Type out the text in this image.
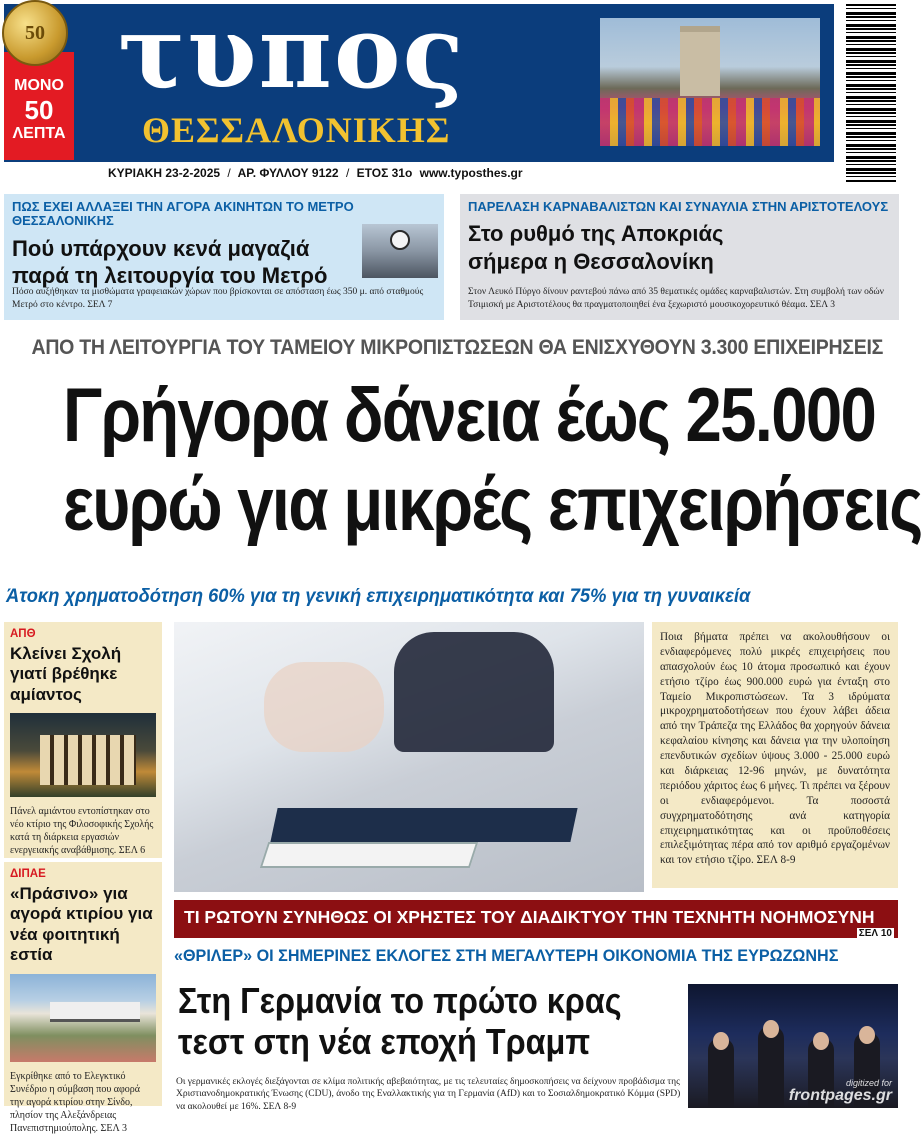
50
ΜΟΝΟ
50
ΛΕΠΤΑ
τυπος
ΘΕΣΣΑΛΟΝΙΚΗΣ
ΚΥΡΙΑΚΗ 23-2-2025 / ΑΡ. ΦΥΛΛΟΥ 9122 / ΕΤΟΣ 31ο www.typosthes.gr
ΠΩΣ ΕΧΕΙ ΑΛΛΑΞΕΙ ΤΗΝ ΑΓΟΡΑ ΑΚΙΝΗΤΩΝ ΤΟ ΜΕΤΡΟ ΘΕΣΣΑΛΟΝΙΚΗΣ
Πού υπάρχουν κενά μαγαζιά
παρά τη λειτουργία του Μετρό
Πόσο αυξήθηκαν τα μισθώματα γραφειακών χώρων που βρίσκονται σε απόσταση έως 350 μ. από σταθμούς Μετρό στο κέντρο. ΣΕΛ 7
ΠΑΡΕΛΑΣΗ ΚΑΡΝΑΒΑΛΙΣΤΩΝ ΚΑΙ ΣΥΝΑΥΛΙΑ ΣΤΗΝ ΑΡΙΣΤΟΤΕΛΟΥΣ
Στο ρυθμό της Αποκριάς
σήμερα η Θεσσαλονίκη
Στον Λευκό Πύργο δίνουν ραντεβού πάνω από 35 θεματικές ομάδες καρναβαλιστών. Στη συμβολή των οδών Τσιμισκή με Αριστοτέλους θα πραγματοποιηθεί ένα ξεχωριστό μουσικοχορευτικό θέαμα. ΣΕΛ 3
ΑΠΟ ΤΗ ΛΕΙΤΟΥΡΓΙΑ ΤΟΥ ΤΑΜΕΙΟΥ ΜΙΚΡΟΠΙΣΤΩΣΕΩΝ ΘΑ ΕΝΙΣΧΥΘΟΥΝ 3.300 ΕΠΙΧΕΙΡΗΣΕΙΣ
Γρήγορα δάνεια έως 25.000
ευρώ για μικρές επιχειρήσεις
Άτοκη χρηματοδότηση 60% για τη γενική επιχειρηματικότητα και 75% για τη γυναικεία
ΑΠΘ
Κλείνει Σχολή γιατί βρέθηκε αμίαντος
Πάνελ αμιάντου εντοπίστηκαν στο νέο κτίριο της Φιλοσοφικής Σχολής κατά τη διάρκεια εργασιών ενεργειακής αναβάθμισης. ΣΕΛ 6
ΔΙΠΑΕ
«Πράσινο» για αγορά κτιρίου για νέα φοιτητική εστία
Εγκρίθηκε από το Ελεγκτικό Συνέδριο η σύμβαση που αφορά την αγορά κτιρίου στην Σίνδο, πλησίον της Αλεξάνδρειας Πανεπιστημιούπολης. ΣΕΛ 3
Ποια βήματα πρέπει να ακολουθήσουν οι ενδιαφερόμενες πολύ μικρές επιχειρήσεις που απασχολούν έως 10 άτομα προσωπικό και έχουν ετήσιο τζίρο έως 900.000 ευρώ για ένταξη στο Ταμείο Μικροπιστώσεων. Τα 3 ιδρύματα μικροχρηματοδοτήσεων που έχουν λάβει άδεια από την Τράπεζα της Ελλάδος θα χορηγούν δάνεια κεφαλαίου κίνησης και δάνεια για την υλοποίηση επενδυτικών σχεδίων ύψους 3.000 - 25.000 ευρώ και διάρκειας 12-96 μηνών, με δυνατότητα περιόδου χάριτος έως 6 μήνες. Τι πρέπει να ξέρουν οι ενδιαφερόμενοι. Τα ποσοστά συγχρηματοδότησης ανά κατηγορία επιχειρηματικότητας και οι προϋποθέσεις επιλεξιμότητας πέρα από τον αριθμό εργαζομένων και τον ετήσιο τζίρο. ΣΕΛ 8-9
ΤΙ ΡΩΤΟΥΝ ΣΥΝΗΘΩΣ ΟΙ ΧΡΗΣΤΕΣ ΤΟΥ ΔΙΑΔΙΚΤΥΟΥ ΤΗΝ ΤΕΧΝΗΤΗ ΝΟΗΜΟΣΥΝΗ
ΣΕΛ 10
«ΘΡΙΛΕΡ» ΟΙ ΣΗΜΕΡΙΝΕΣ ΕΚΛΟΓΕΣ ΣΤΗ ΜΕΓΑΛΥΤΕΡΗ ΟΙΚΟΝΟΜΙΑ ΤΗΣ ΕΥΡΩΖΩΝΗΣ
Στη Γερμανία το πρώτο κρας
τεστ στη νέα εποχή Τραμπ
Οι γερμανικές εκλογές διεξάγονται σε κλίμα πολιτικής αβεβαιότητας, με τις τελευταίες δημοσκοπήσεις να δείχνουν προβάδισμα της Χριστιανοδημοκρατικής Ένωσης (CDU), άνοδο της Εναλλακτικής για τη Γερμανία (AfD) και το Σοσιαλδημοκρατικό Κόμμα (SPD) να ακολουθεί με 16%. ΣΕΛ 8-9
digitized for
frontpages.gr
